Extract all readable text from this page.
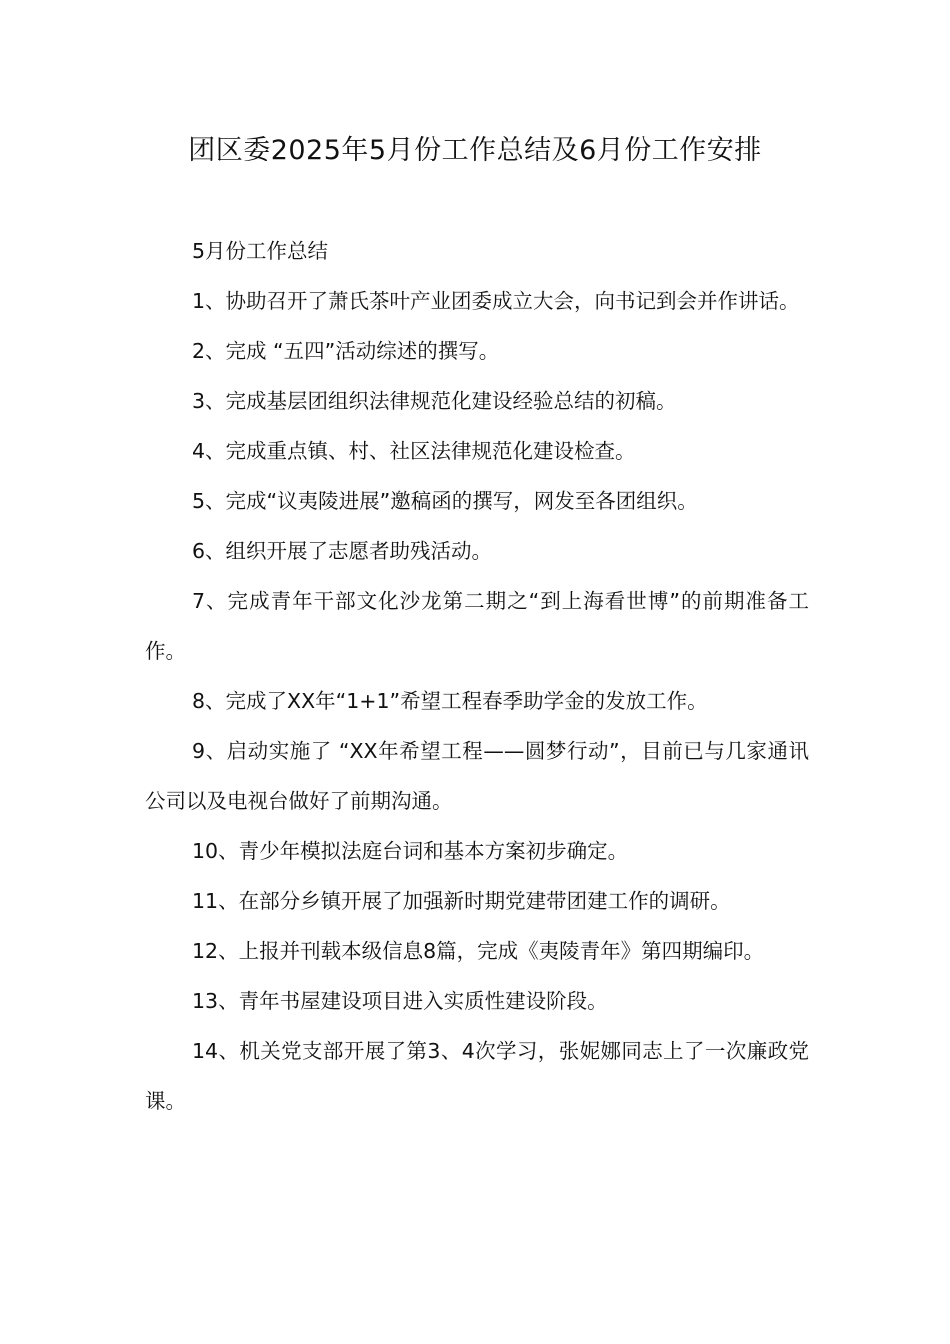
团区委2025年5月份工作总结及6月份工作安排

5月份工作总结

1、协助召开了萧氏茶叶产业团委成立大会，向书记到会并作讲话。

2、完成 “五四”活动综述的撰写。

3、完成基层团组织法律规范化建设经验总结的初稿。

4、完成重点镇、村、社区法律规范化建设检查。

5、完成“议夷陵进展”邀稿函的撰写，网发至各团组织。

6、组织开展了志愿者助残活动。

7、完成青年干部文化沙龙第二期之“到上海看世博”的前期准备工作。

8、完成了XX年“1+1”希望工程春季助学金的发放工作。

9、启动实施了 “XX年希望工程——圆梦行动”，目前已与几家通讯公司以及电视台做好了前期沟通。

10、青少年模拟法庭台词和基本方案初步确定。

11、在部分乡镇开展了加强新时期党建带团建工作的调研。

12、上报并刊载本级信息8篇，完成《夷陵青年》第四期编印。

13、青年书屋建设项目进入实质性建设阶段。

14、机关党支部开展了第3、4次学习，张妮娜同志上了一次廉政党课。
